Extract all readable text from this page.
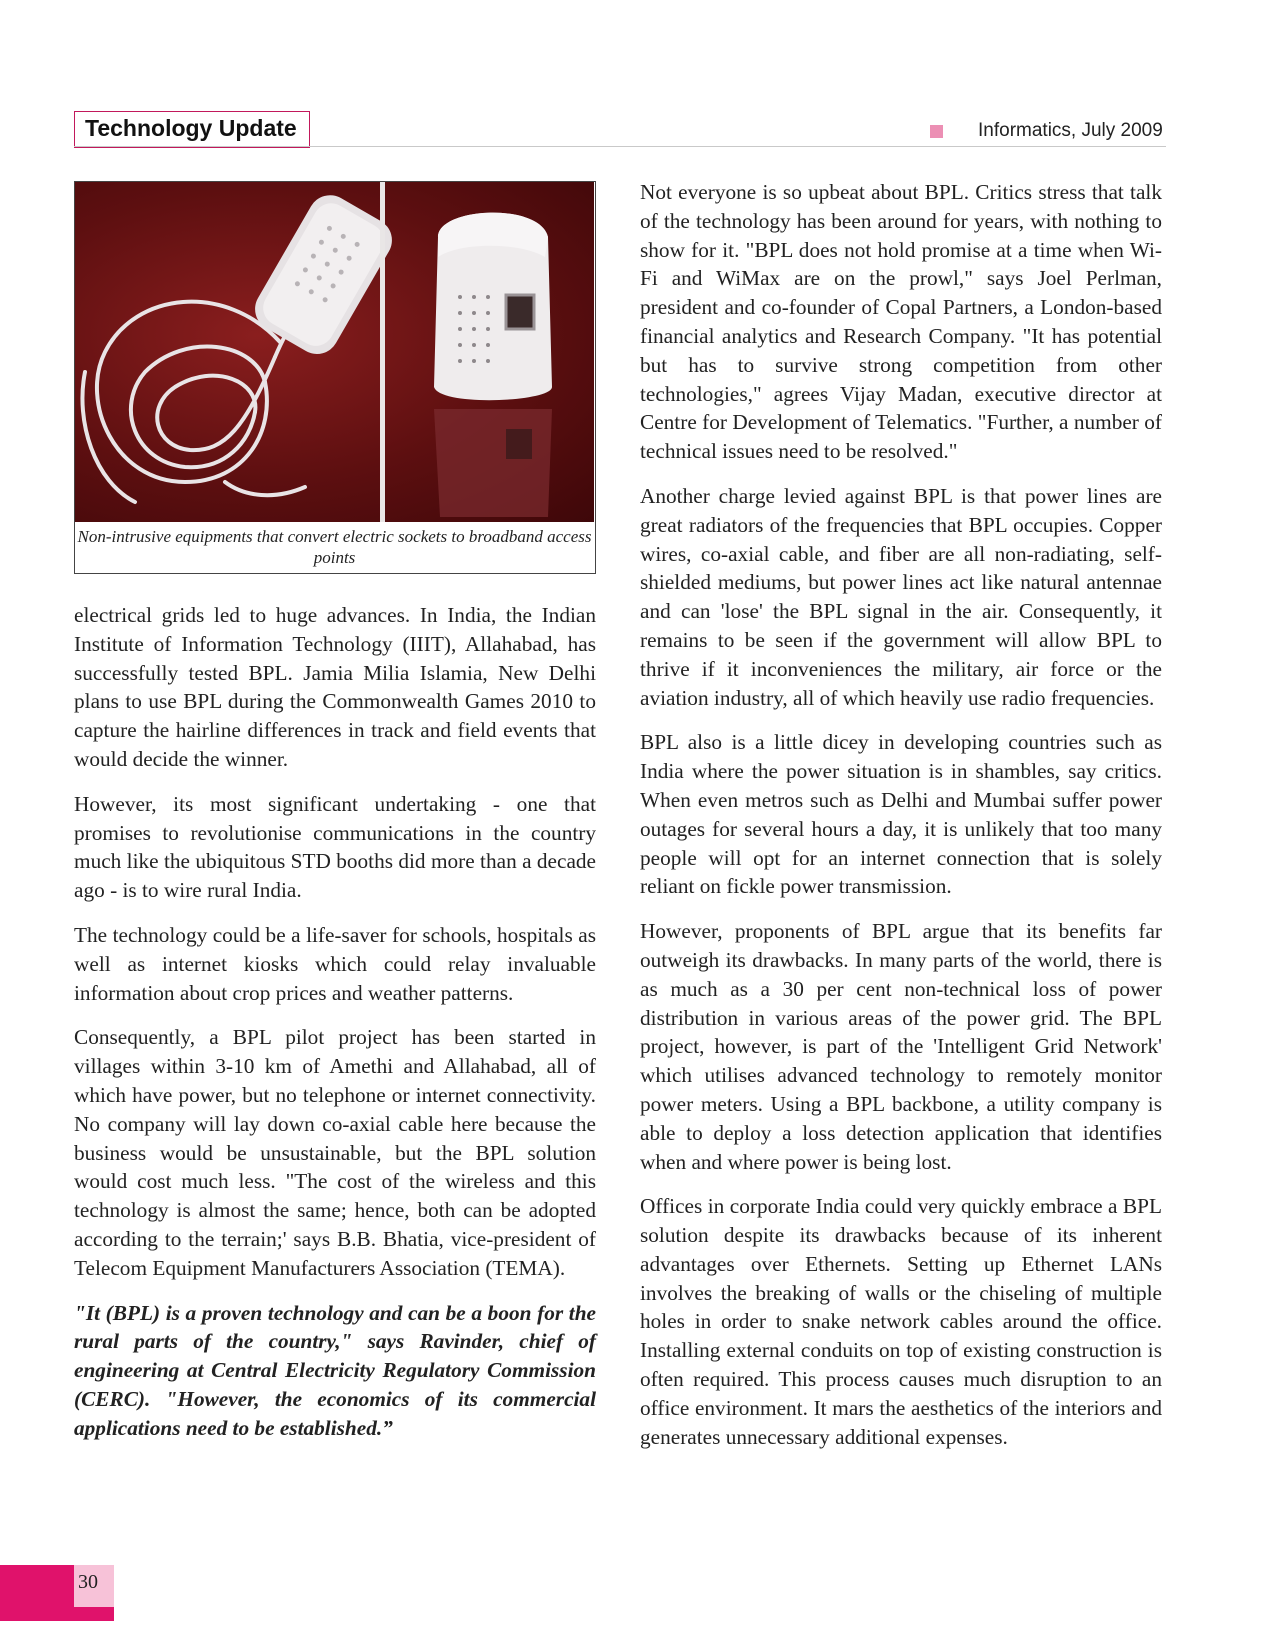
Technology Update	Informatics, July 2009
Non-intrusive equipments that convert electric sockets to broadband access points

electrical grids led to huge advances. In India, the Indian Institute of Information Technology (IIIT), Allahabad, has successfully tested BPL. Jamia Milia Islamia, New Delhi plans to use BPL during the Commonwealth Games 2010 to capture the hairline differences in track and field events that would decide the winner.

However, its most significant undertaking - one that promises to revolutionise communications in the country much like the ubiquitous STD booths did more than a decade ago - is to wire rural India.

The technology could be a life-saver for schools, hospitals as well as internet kiosks which could relay invaluable information about crop prices and weather patterns.

Consequently, a BPL pilot project has been started in villages within 3-10 km of Amethi and Allahabad, all of which have power, but no telephone or internet connectivity. No company will lay down co-axial cable here because the business would be unsustainable, but the BPL solution would cost much less. "The cost of the wireless and this technology is almost the same; hence, both can be adopted according to the terrain;' says B.B. Bhatia, vice-president of Telecom Equipment Manufacturers Association (TEMA).

"It (BPL) is a proven technology and can be a boon for the rural parts of the country," says Ravinder, chief of engineering at Central Electricity Regulatory Commission (CERC). "However, the economics of its commercial applications need to be established.”

Not everyone is so upbeat about BPL. Critics stress that talk of the technology has been around for years, with nothing to show for it. "BPL does not hold promise at a time when Wi- Fi and WiMax are on the prowl," says Joel Perlman, president and co-founder of Copal Partners, a London-based financial analytics and Research Company. "It has potential but has to survive strong competition from other technologies," agrees Vijay Madan, executive director at Centre for Development of Telematics. "Further, a number of technical issues need to be resolved."

Another charge levied against BPL is that power lines are great radiators of the frequencies that BPL occupies. Copper wires, co-axial cable, and fiber are all non-radiating, self-shielded mediums, but power lines act like natural antennae and can 'lose' the BPL signal in the air. Consequently, it remains to be seen if the government will allow BPL to thrive if it inconveniences the military, air force or the aviation industry, all of which heavily use radio frequencies.

BPL also is a little dicey in developing countries such as India where the power situation is in shambles, say critics. When even metros such as Delhi and Mumbai suffer power outages for several hours a day, it is unlikely that too many people will opt for an internet connection that is solely reliant on fickle power transmission.

However, proponents of BPL argue that its benefits far outweigh its drawbacks. In many parts of the world, there is as much as a 30 per cent non-technical loss of power distribution in various areas of the power grid. The BPL project, however, is part of the 'Intelligent Grid Network' which utilises advanced technology to remotely monitor power meters. Using a BPL backbone, a utility company is able to deploy a loss detection application that identifies when and where power is being lost.

Offices in corporate India could very quickly embrace a BPL solution despite its drawbacks because of its inherent advantages over Ethernets. Setting up Ethernet LANs involves the breaking of walls or the chiseling of multiple holes in order to snake network cables around the office. Installing external conduits on top of existing construction is often required. This process causes much disruption to an office environment. It mars the aesthetics of the interiors and generates unnecessary additional expenses.

30
